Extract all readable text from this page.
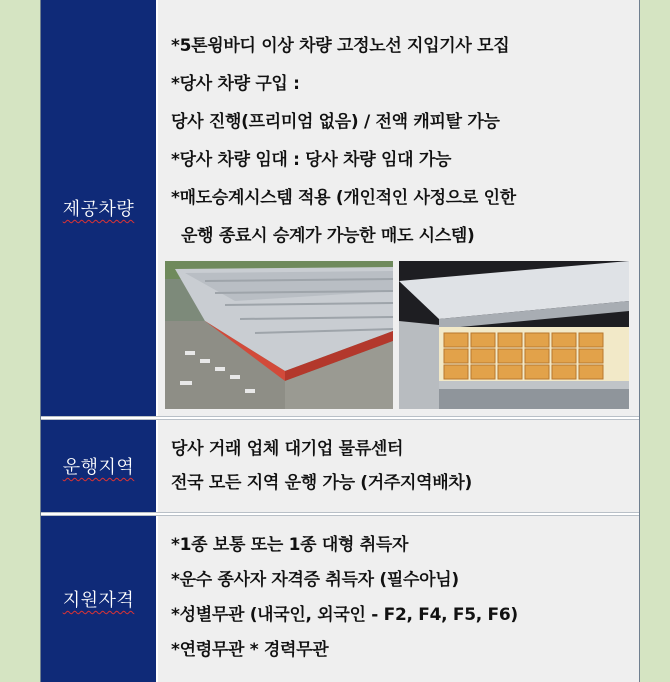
제공차량
*5톤윙바디 이상 차량 고정노선 지입기사 모집
*당사 차량 구입 :
당사 진행(프리미엄 없음) / 전액 캐피탈 가능
*당사 차량 임대 : 당사 차량 임대 가능
*매도승계시스템 적용 (개인적인 사정으로 인한
운행 종료시 승계가 가능한 매도 시스템)
운행지역
당사 거래 업체 대기업 물류센터
전국 모든 지역 운행 가능 (거주지역배차)
지원자격
*1종 보통 또는 1종 대형 취득자
*운수 종사자 자격증 취득자 (필수아님)
*성별무관 (내국인, 외국인 - F2, F4, F5, F6)
*연령무관 * 경력무관
